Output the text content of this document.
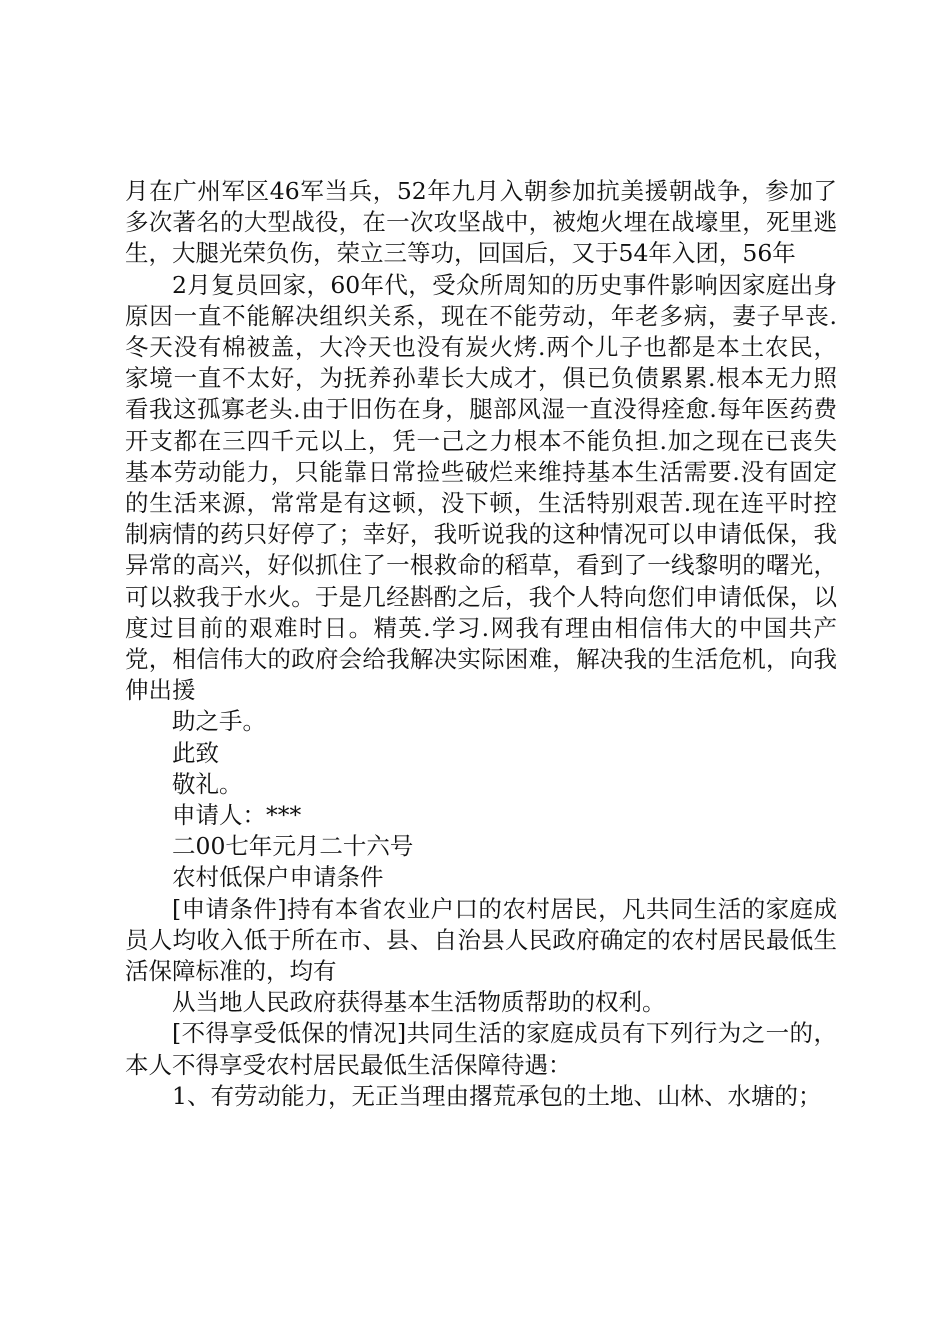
月在广州军区46军当兵，52年九月入朝参加抗美援朝战争，参加了多次著名的大型战役，在一次攻坚战中，被炮火埋在战壕里，死里逃生，大腿光荣负伤，荣立三等功，回国后，又于54年入团，56年

2月复员回家，60年代，受众所周知的历史事件影响因家庭出身原因一直不能解决组织关系，现在不能劳动，年老多病，妻子早丧.冬天没有棉被盖，大冷天也没有炭火烤.两个儿子也都是本土农民，家境一直不太好，为抚养孙辈长大成才，俱已负债累累.根本无力照看我这孤寡老头.由于旧伤在身，腿部风湿一直没得痊愈.每年医药费开支都在三四千元以上，凭一己之力根本不能负担.加之现在已丧失基本劳动能力，只能靠日常捡些破烂来维持基本生活需要.没有固定的生活来源，常常是有这顿，没下顿，生活特别艰苦.现在连平时控制病情的药只好停了；幸好，我听说我的这种情况可以申请低保，我异常的高兴，好似抓住了一根救命的稻草，看到了一线黎明的曙光，可以救我于水火。于是几经斟酌之后，我个人特向您们申请低保，以度过目前的艰难时日。精英.学习.网我有理由相信伟大的中国共产党，相信伟大的政府会给我解决实际困难，解决我的生活危机，向我伸出援

助之手。

此致

敬礼。

申请人：***

二00七年元月二十六号

农村低保户申请条件

[申请条件]持有本省农业户口的农村居民，凡共同生活的家庭成员人均收入低于所在市、县、自治县人民政府确定的农村居民最低生活保障标准的，均有

从当地人民政府获得基本生活物质帮助的权利。

[不得享受低保的情况]共同生活的家庭成员有下列行为之一的，本人不得享受农村居民最低生活保障待遇：

1、有劳动能力，无正当理由撂荒承包的土地、山林、水塘的；
